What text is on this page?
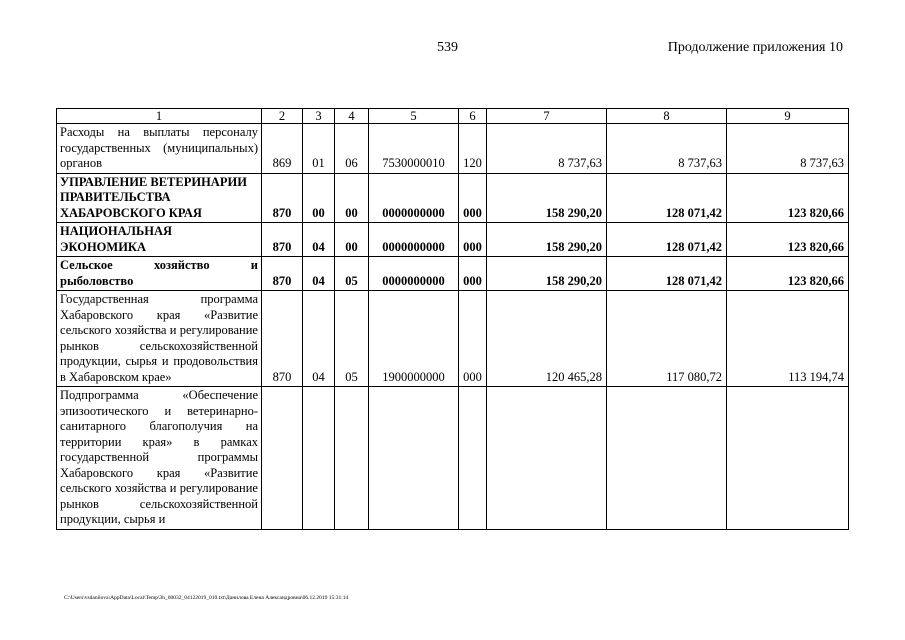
539	Продолжение приложения 10
1	2	3	4	5	6	7	8	9
Расходы на выплаты персоналу государственных (муниципальных) органов	869	01	06	7530000010	120	8 737,63	8 737,63	8 737,63
УПРАВЛЕНИЕ ВЕТЕРИНАРИИ ПРАВИТЕЛЬСТВА ХАБАРОВСКОГО КРАЯ	870	00	00	0000000000	000	158 290,20	128 071,42	123 820,66
НАЦИОНАЛЬНАЯ ЭКОНОМИКА	870	04	00	0000000000	000	158 290,20	128 071,42	123 820,66
Сельское хозяйство и рыболовство	870	04	05	0000000000	000	158 290,20	128 071,42	123 820,66
Государственная программа Хабаровского края «Развитие сельского хозяйства и регулирование рынков сельскохозяйственной продукции, сырья и продовольствия в Хабаровском крае»	870	04	05	1900000000	000	120 465,28	117 080,72	113 194,74
Подпрограмма «Обеспечение эпизоотического и ветеринарно-санитарного благополучия на территории края» в рамках государственной программы Хабаровского края «Развитие сельского хозяйства и регулирование рынков сельскохозяйственной продукции, сырья и								
C:\Users\vsdanilova\AppData\Local\Temp\3h_00032_04122019_010.txt\Данилова Елена Александровна\06.12.2019 15:31:14
